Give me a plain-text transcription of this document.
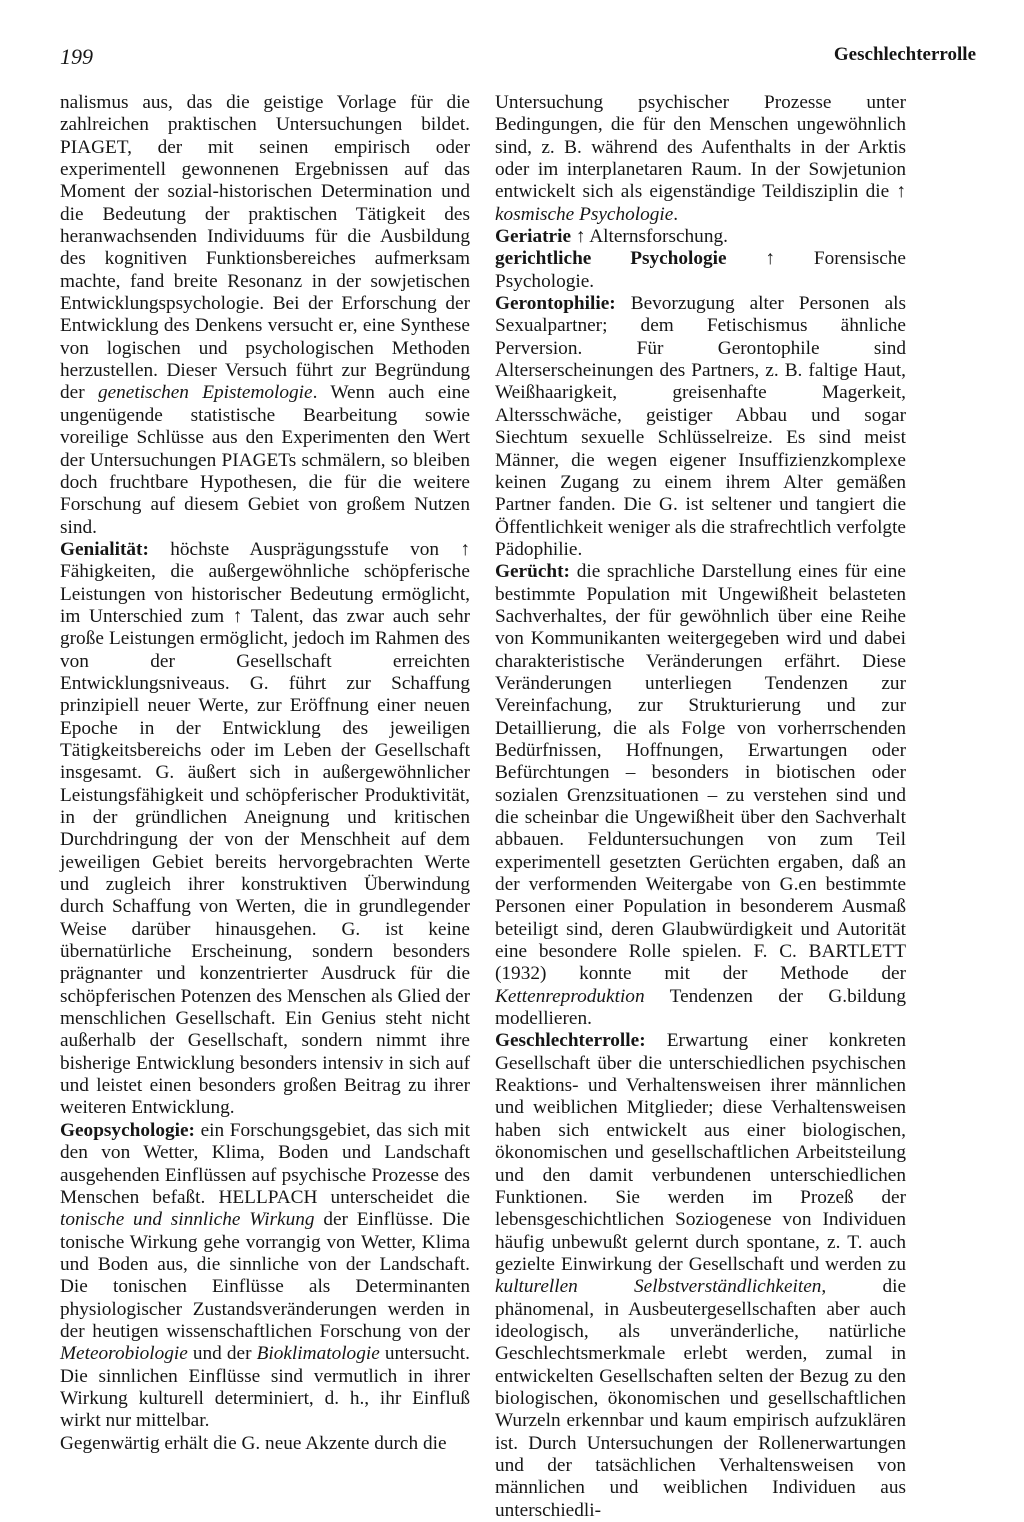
199	Geschlechterrolle

nalismus aus, das die geistige Vorlage für die zahlreichen praktischen Untersuchungen bildet. PIAGET, der mit seinen empirisch oder experimentell gewonnenen Ergebnissen auf das Moment der sozial-historischen Determination und die Bedeutung der praktischen Tätigkeit des heranwachsenden Individuums für die Ausbildung des kognitiven Funktionsbereiches aufmerksam machte, fand breite Resonanz in der sowjetischen Entwicklungspsychologie. Bei der Erforschung der Entwicklung des Denkens versucht er, eine Synthese von logischen und psychologischen Methoden herzustellen. Dieser Versuch führt zur Begründung der genetischen Epistemologie. Wenn auch eine ungenügende statistische Bearbeitung sowie voreilige Schlüsse aus den Experimenten den Wert der Untersuchungen PIAGETs schmälern, so bleiben doch fruchtbare Hypothesen, die für die weitere Forschung auf diesem Gebiet von großem Nutzen sind.

Genialität: höchste Ausprägungsstufe von ↑ Fähigkeiten, die außergewöhnliche schöpferische Leistungen von historischer Bedeutung ermöglicht, im Unterschied zum ↑ Talent, das zwar auch sehr große Leistungen ermöglicht, jedoch im Rahmen des von der Gesellschaft erreichten Entwicklungsniveaus. G. führt zur Schaffung prinzipiell neuer Werte, zur Eröffnung einer neuen Epoche in der Entwicklung des jeweiligen Tätigkeitsbereichs oder im Leben der Gesellschaft insgesamt. G. äußert sich in außergewöhnlicher Leistungsfähigkeit und schöpferischer Produktivität, in der gründlichen Aneignung und kritischen Durchdringung der von der Menschheit auf dem jeweiligen Gebiet bereits hervorgebrachten Werte und zugleich ihrer konstruktiven Überwindung durch Schaffung von Werten, die in grundlegender Weise darüber hinausgehen. G. ist keine übernatürliche Erscheinung, sondern besonders prägnanter und konzentrierter Ausdruck für die schöpferischen Potenzen des Menschen als Glied der menschlichen Gesellschaft. Ein Genius steht nicht außerhalb der Gesellschaft, sondern nimmt ihre bisherige Entwicklung besonders intensiv in sich auf und leistet einen besonders großen Beitrag zu ihrer weiteren Entwicklung.

Geopsychologie: ein Forschungsgebiet, das sich mit den von Wetter, Klima, Boden und Landschaft ausgehenden Einflüssen auf psychische Prozesse des Menschen befaßt. HELLPACH unterscheidet die tonische und sinnliche Wirkung der Einflüsse. Die tonische Wirkung gehe vorrangig von Wetter, Klima und Boden aus, die sinnliche von der Landschaft. Die tonischen Einflüsse als Determinanten physiologischer Zustandsveränderungen werden in der heutigen wissenschaftlichen Forschung von der Meteorobiologie und der Bioklimatologie untersucht. Die sinnlichen Einflüsse sind vermutlich in ihrer Wirkung kulturell determiniert, d. h., ihr Einfluß wirkt nur mittelbar.

Gegenwärtig erhält die G. neue Akzente durch die

Untersuchung psychischer Prozesse unter Bedingungen, die für den Menschen ungewöhnlich sind, z. B. während des Aufenthalts in der Arktis oder im interplanetaren Raum. In der Sowjetunion entwickelt sich als eigenständige Teildisziplin die ↑ kosmische Psychologie.

Geriatrie ↑ Alternsforschung.

gerichtliche Psychologie ↑ Forensische Psychologie.

Gerontophilie: Bevorzugung alter Personen als Sexualpartner; dem Fetischismus ähnliche Perversion. Für Gerontophile sind Alterserscheinungen des Partners, z. B. faltige Haut, Weißhaarigkeit, greisenhafte Magerkeit, Altersschwäche, geistiger Abbau und sogar Siechtum sexuelle Schlüsselreize. Es sind meist Männer, die wegen eigener Insuffizienzkomplexe keinen Zugang zu einem ihrem Alter gemäßen Partner fanden. Die G. ist seltener und tangiert die Öffentlichkeit weniger als die strafrechtlich verfolgte Pädophilie.

Gerücht: die sprachliche Darstellung eines für eine bestimmte Population mit Ungewißheit belasteten Sachverhaltes, der für gewöhnlich über eine Reihe von Kommunikanten weitergegeben wird und dabei charakteristische Veränderungen erfährt. Diese Veränderungen unterliegen Tendenzen zur Vereinfachung, zur Strukturierung und zur Detaillierung, die als Folge von vorherrschenden Bedürfnissen, Hoffnungen, Erwartungen oder Befürchtungen – besonders in biotischen oder sozialen Grenzsituationen – zu verstehen sind und die scheinbar die Ungewißheit über den Sachverhalt abbauen. Felduntersuchungen von zum Teil experimentell gesetzten Gerüchten ergaben, daß an der verformenden Weitergabe von G.en bestimmte Personen einer Population in besonderem Ausmaß beteiligt sind, deren Glaubwürdigkeit und Autorität eine besondere Rolle spielen. F. C. BARTLETT (1932) konnte mit der Methode der Kettenreproduktion Tendenzen der G.bildung modellieren.

Geschlechterrolle: Erwartung einer konkreten Gesellschaft über die unterschiedlichen psychischen Reaktions- und Verhaltensweisen ihrer männlichen und weiblichen Mitglieder; diese Verhaltensweisen haben sich entwickelt aus einer biologischen, ökonomischen und gesellschaftlichen Arbeitsteilung und den damit verbundenen unterschiedlichen Funktionen. Sie werden im Prozeß der lebensgeschichtlichen Soziogenese von Individuen häufig unbewußt gelernt durch spontane, z. T. auch gezielte Einwirkung der Gesellschaft und werden zu kulturellen Selbstverständlichkeiten, die phänomenal, in Ausbeutergesellschaften aber auch ideologisch, als unveränderliche, natürliche Geschlechtsmerkmale erlebt werden, zumal in entwickelten Gesellschaften selten der Bezug zu den biologischen, ökonomischen und gesellschaftlichen Wurzeln erkennbar und kaum empirisch aufzuklären ist. Durch Untersuchungen der Rollenerwartungen und der tatsächlichen Verhaltensweisen von männlichen und weiblichen Individuen aus unterschiedli-
